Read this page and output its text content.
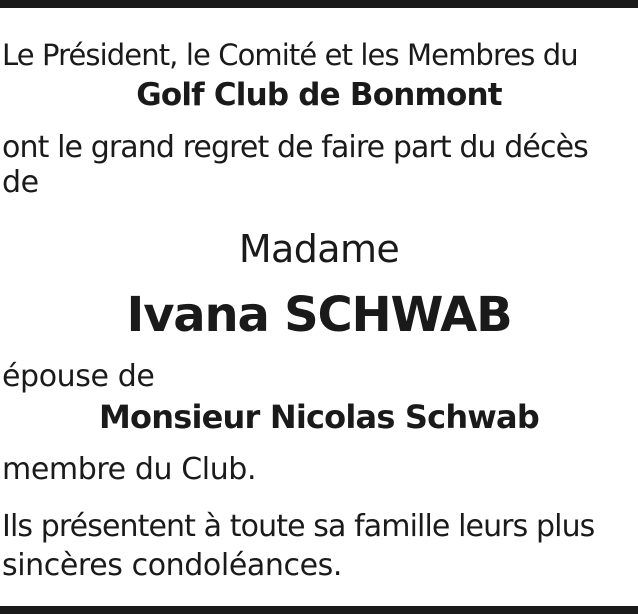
Le Président, le Comité et les Membres du
Golf Club de Bonmont
ont le grand regret de faire part du décès
de
Madame
Ivana SCHWAB
épouse de
Monsieur Nicolas Schwab
membre du Club.
Ils présentent à toute sa famille leurs plus
sincères condoléances.
